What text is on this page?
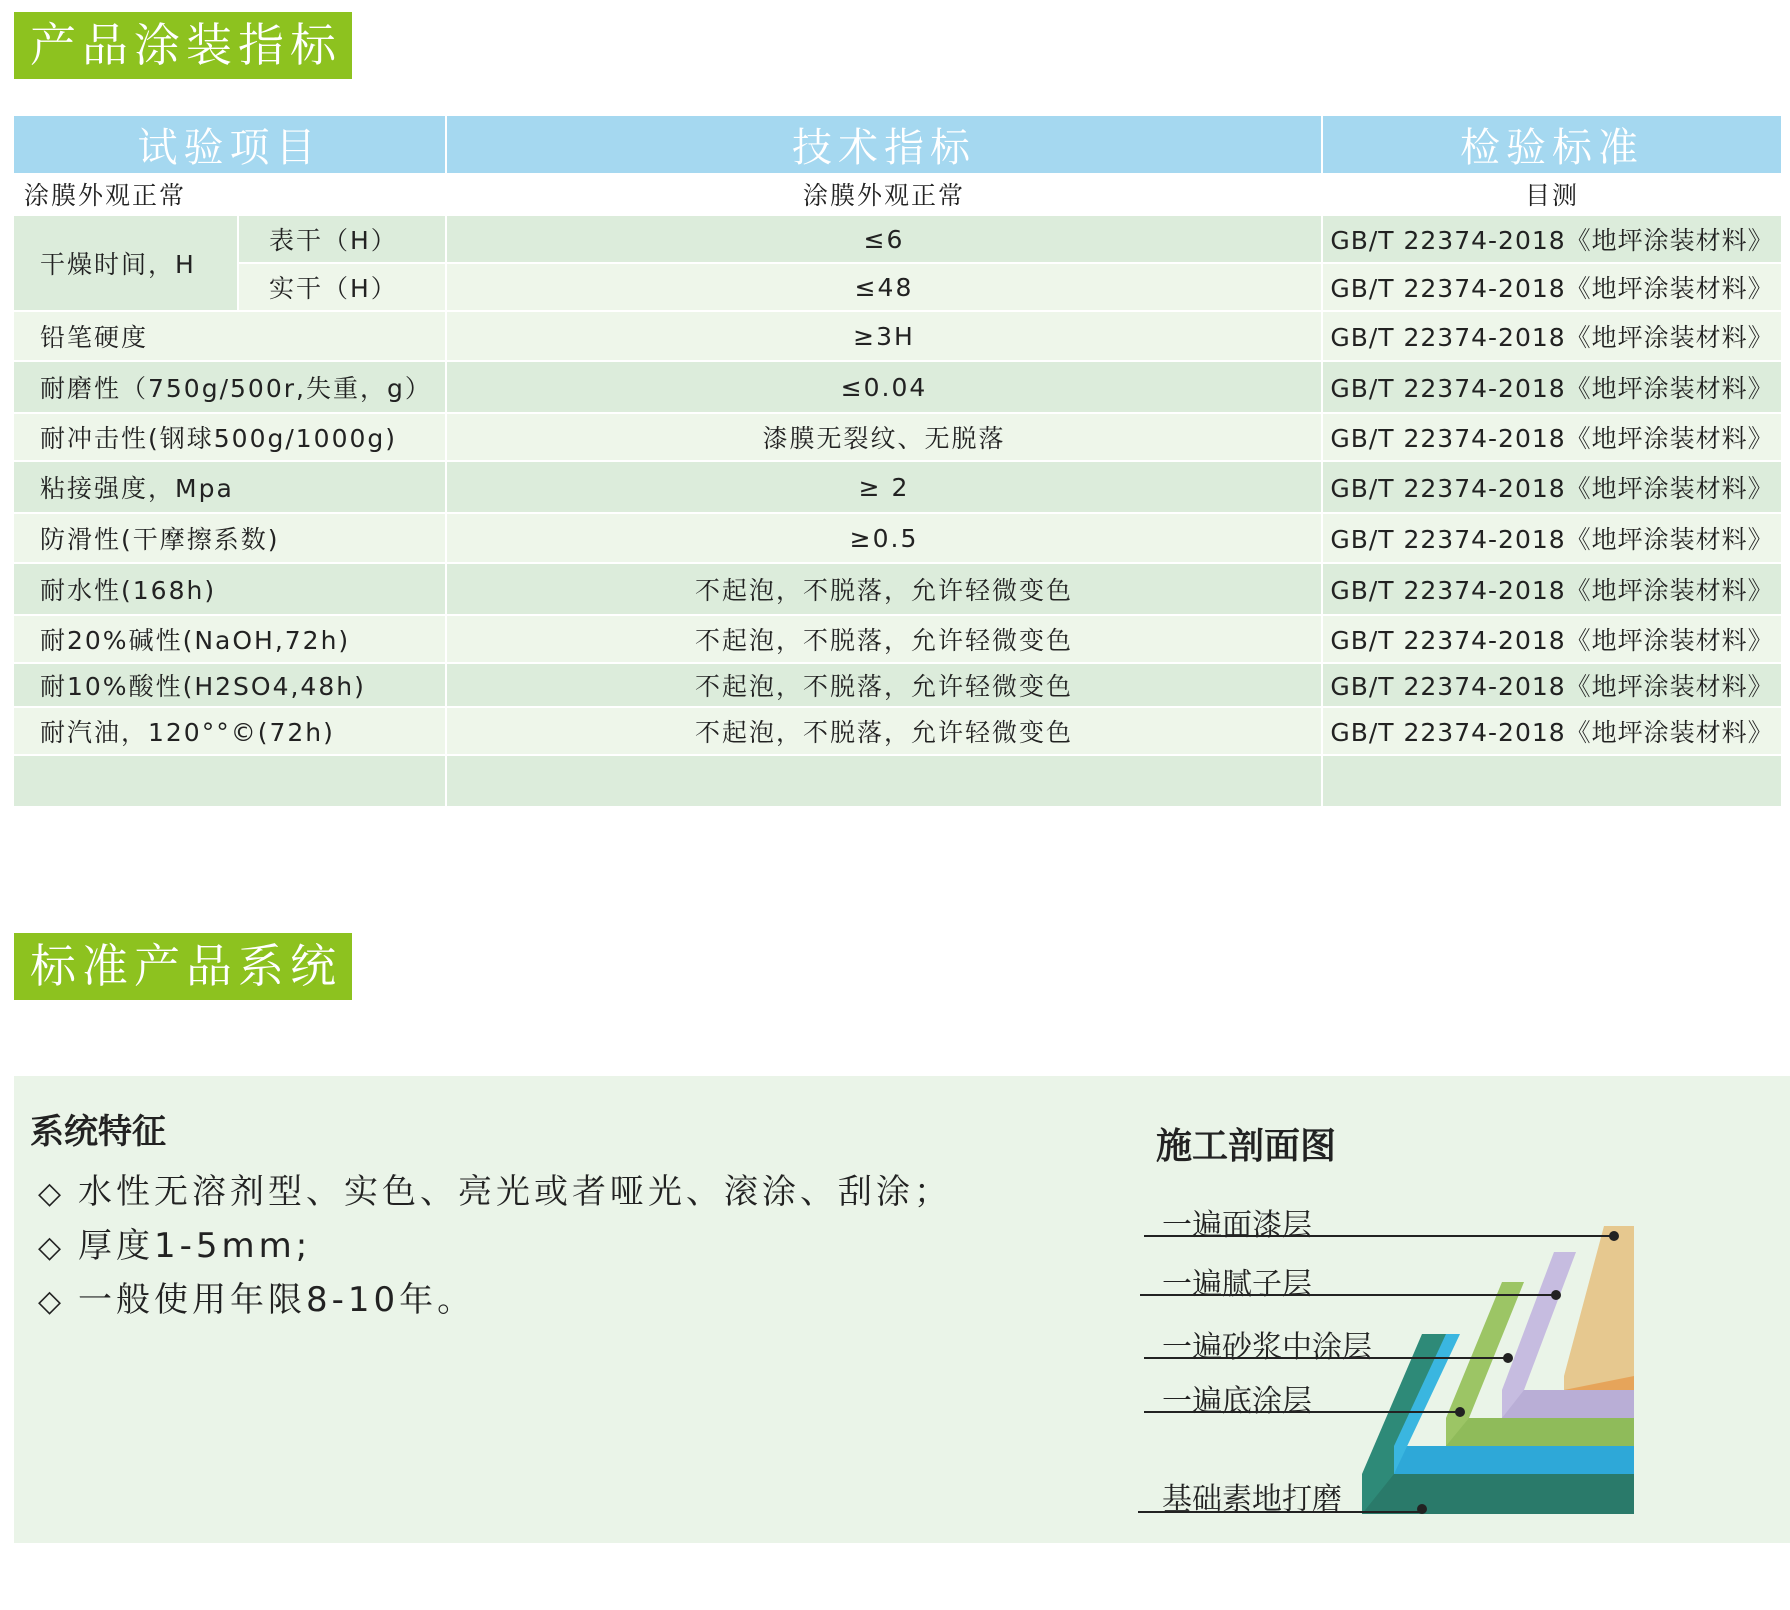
产品涂装指标
试验项目		技术指标	检验标准
涂膜外观正常		涂膜外观正常	目测
干燥时间，H	表干（H）	≤6	GB/T 22374-2018《地坪涂装材料》
	实干（H）	≤48	GB/T 22374-2018《地坪涂装材料》
铅笔硬度		≥3H	GB/T 22374-2018《地坪涂装材料》
耐磨性（750g/500r,失重，g）		≤0.04	GB/T 22374-2018《地坪涂装材料》
耐冲击性(钢球500g/1000g)		漆膜无裂纹、无脱落	GB/T 22374-2018《地坪涂装材料》
粘接强度，Mpa		≥ 2	GB/T 22374-2018《地坪涂装材料》
防滑性(干摩擦系数)		≥0.5	GB/T 22374-2018《地坪涂装材料》
耐水性(168h)		不起泡，不脱落，允许轻微变色	GB/T 22374-2018《地坪涂装材料》
耐20%碱性(NaOH,72h)		不起泡，不脱落，允许轻微变色	GB/T 22374-2018《地坪涂装材料》
耐10%酸性(H2SO4,48h)		不起泡，不脱落，允许轻微变色	GB/T 22374-2018《地坪涂装材料》
耐汽油，120°°©(72h)		不起泡，不脱落，允许轻微变色	GB/T 22374-2018《地坪涂装材料》

标准产品系统
系统特征
◇ 水性无溶剂型、实色、亮光或者哑光、滚涂、刮涂；
◇ 厚度1-5mm;
◇ 一般使用年限8-10年。
施工剖面图
一遍面漆层
一遍腻子层
一遍砂浆中涂层
一遍底涂层
基础素地打磨
